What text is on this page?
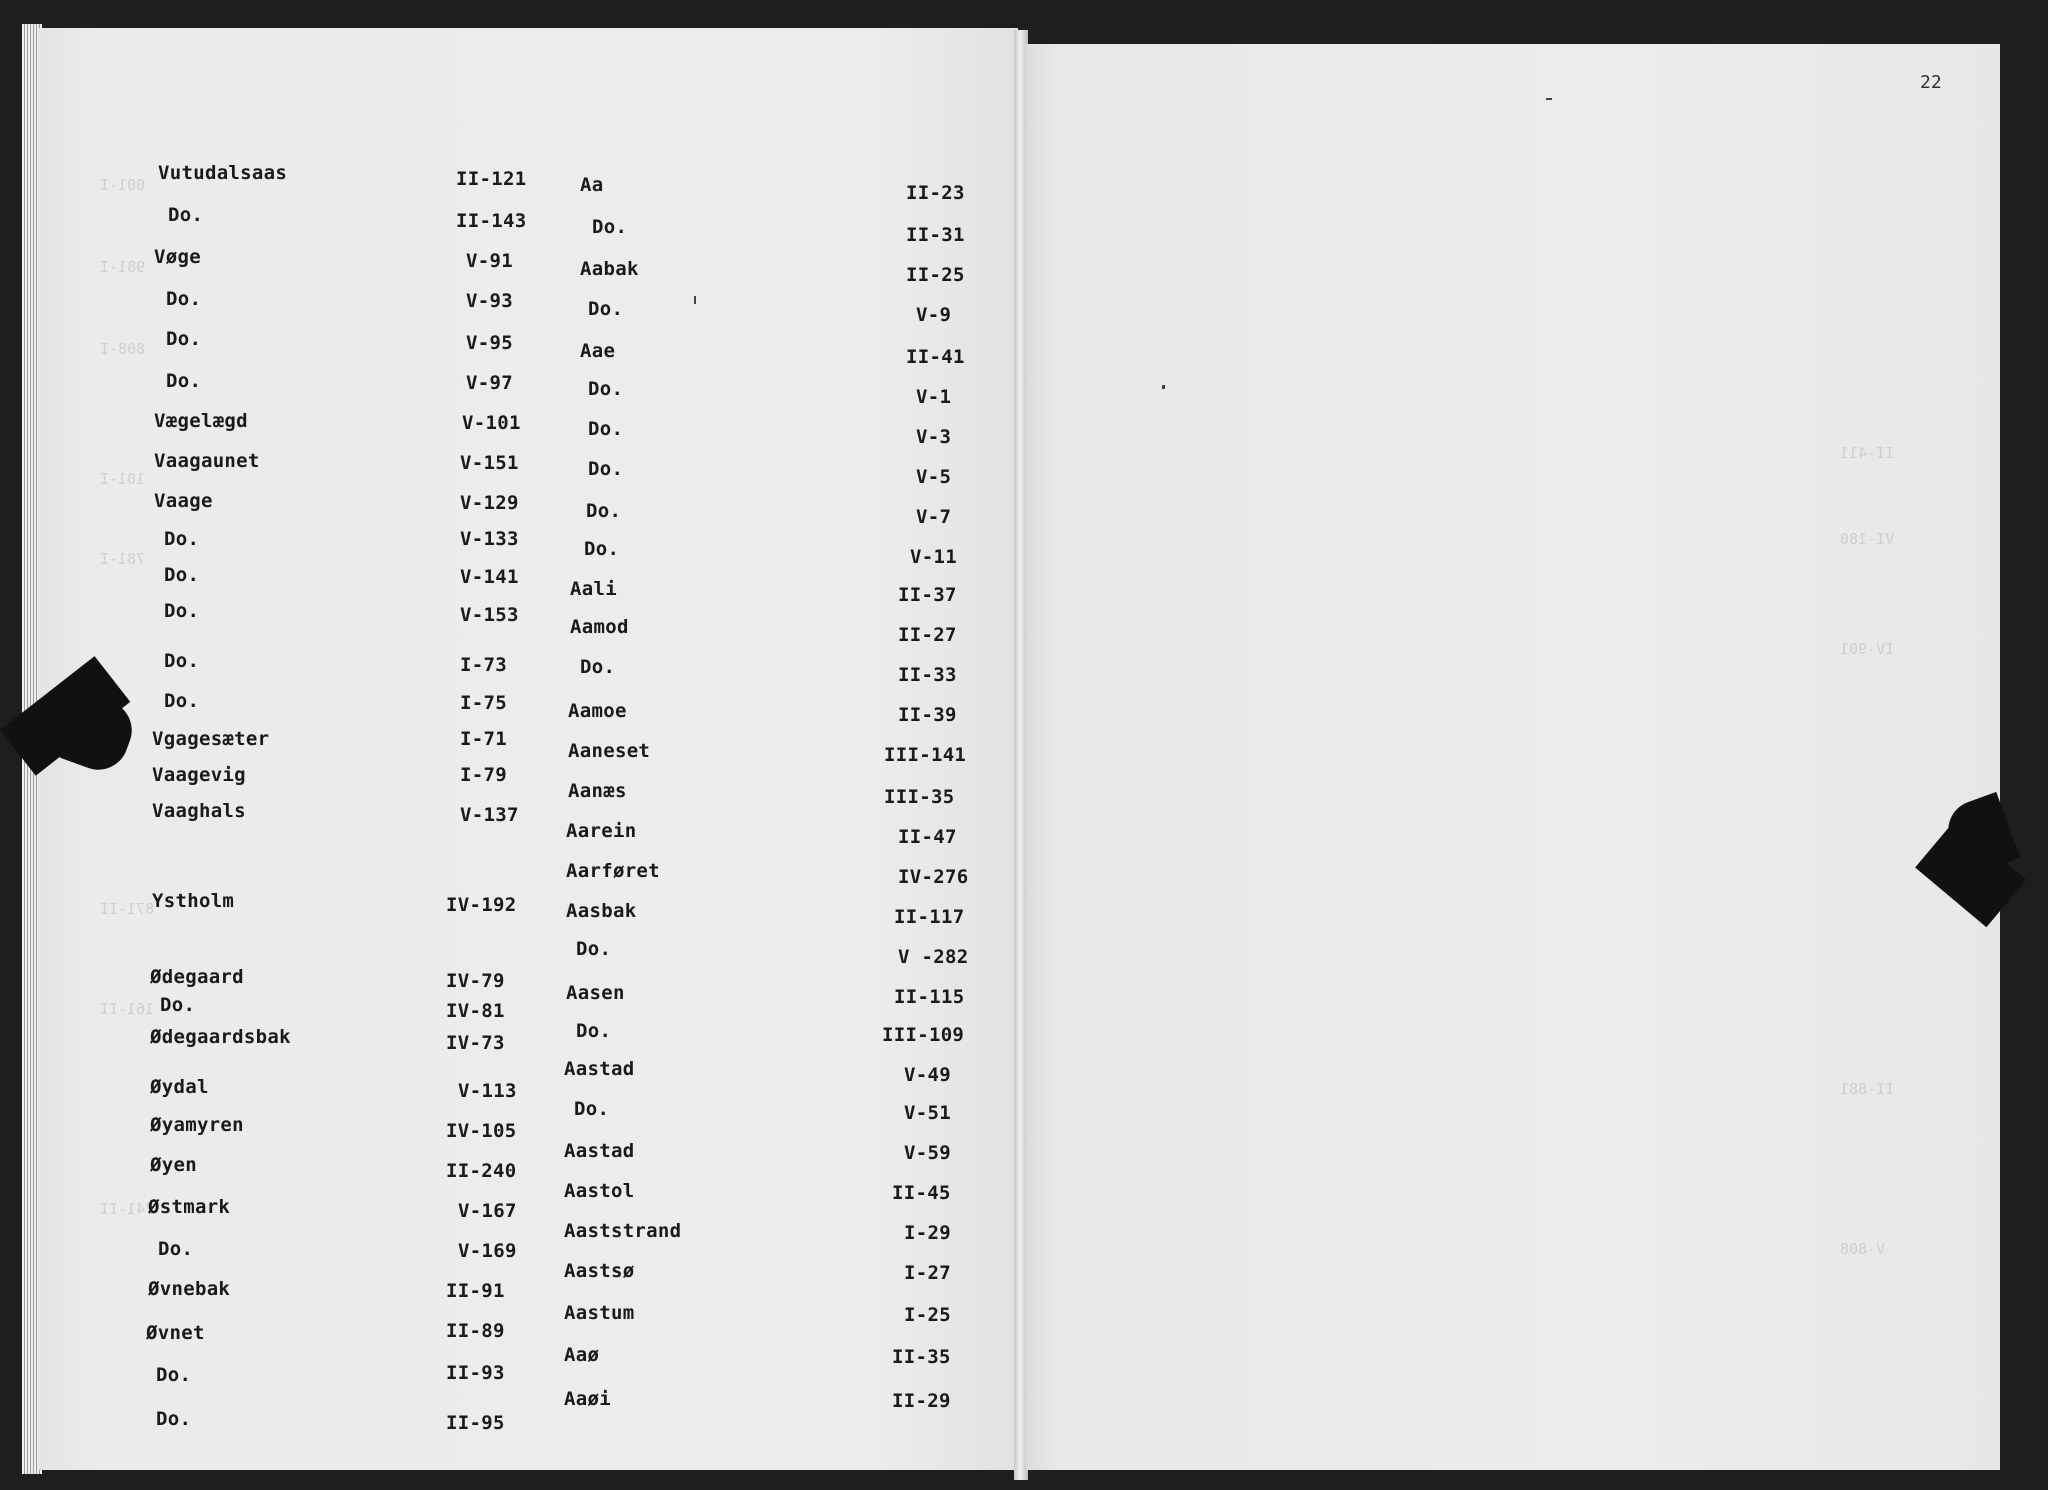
001-I
981-I
808-I
101-I
781-I
871-II
161-II
741-II
II-411
VI-180
IV-901
II-881
V-808
22
Vutudalsaas
Do.
Vøge
Do.
Do.
Do.
Vægelægd
Vaagaunet
Vaage
Do.
Do.
Do.
Do.
Do.
Vgagesæter
Vaagevig
Vaaghals
Ystholm
Ødegaard
Do.
Ødegaardsbak
Øydal
Øyamyren
Øyen
Østmark
Do.
Øvnebak
Øvnet
Do.
Do.
II-121
II-143
V-91
V-93
V-95
V-97
V-101
V-151
V-129
V-133
V-141
V-153
I-73
I-75
I-71
I-79
V-137
IV-192
IV-79
IV-81
IV-73
V-113
IV-105
II-240
V-167
V-169
II-91
II-89
II-93
II-95
Aa
Do.
Aabak
Do.
Aae
Do.
Do.
Do.
Do.
Do.
Aali
Aamod
Do.
Aamoe
Aaneset
Aanæs
Aarein
Aarføret
Aasbak
Do.
Aasen
Do.
Aastad
Do.
Aastad
Aastol
Aaststrand
Aastsø
Aastum
Aaø
Aaøi
II-23
II-31
II-25
V-9
II-41
V-1
V-3
V-5
V-7
V-11
II-37
II-27
II-33
II-39
III-141
III-35
II-47
IV-276
II-117
V -282
II-115
III-109
V-49
V-51
V-59
II-45
I-29
I-27
I-25
II-35
II-29
